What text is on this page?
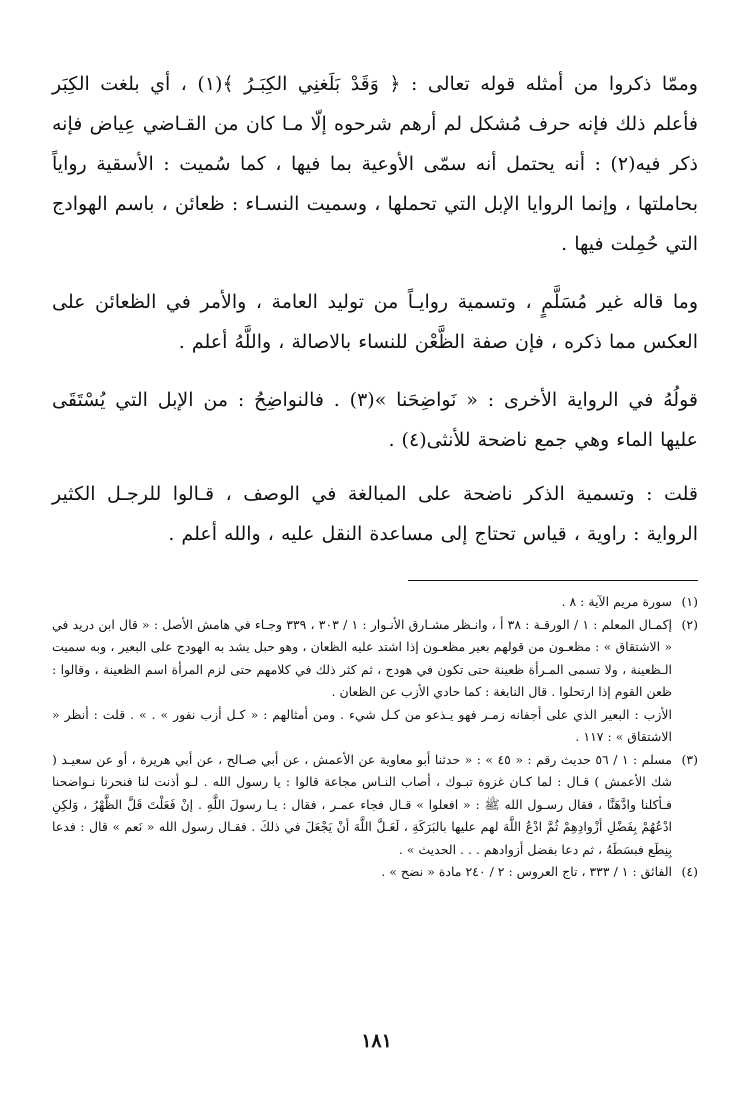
وممّا ذكروا من أمثله قوله تعالى : ﴿ وَقَدْ بَلَغنِي الكِبَـرُ ﴾(١) ، أي بلغت الكِبَر فأعلم ذلك فإنه حرف مُشكل لم أرهم شرحوه إلّا مـا كان من القـاضي عِياض فإنه ذكر فيه(٢) : أنه يحتمل أنه سمّى الأوعية بما فيها ، كما سُميت : الأسقية رواياً بحاملتها ، وإنما الروايا الإبل التي تحملها ، وسميت النسـاء : ظعائن ، باسم الهوادج التي حُمِلت فيها .

وما قاله غير مُسَلَّمٍ ، وتسمية روايـاً من توليد العامة ، والأمر في الظعائن على العكس مما ذكره ، فإن صفة الظَّعْن للنساء بالاصالة ، واللَّهُ أعلم .

قولُهُ في الرواية الأخرى : « نَواضِحَنا »(٣) . فالنواضِحُ : من الإبل التي يُسْتَقَى عليها الماء وهي جمع ناضحة للأنثى(٤) .

قلت : وتسمية الذكر ناضحة على المبالغة في الوصف ، قـالوا للرجـل الكثير الرواية : راوية ، قياس تحتاج إلى مساعدة النقل عليه ، والله أعلم .

(١)
سورة مريم الآية : ٨ .

(٢)
إكمـال المعلم : ١ / الورقـة : ٣٨ أ ، وانـظر مشـارق الأنـوار : ١ / ٣٠٣ ، ٣٣٩ وجـاء في هامش الأصل : « قال ابن دريد في « الاشتقاق » : مظعـون من قولهم بعير مظعـون إذا اشتد عليه الظعان ، وهو حبل يشد به الهودج على البعير ، وبه سميت الـظعينة ، ولا تسمى المـرأة ظعينة حتى تكون في هودج ، ثم كثر ذلك في كلامهم حتى لزم المرأة اسم الظعينة ، وقالوا : ظعن القوم إذا ارتحلوا . قال النابغة : كما حادي الأزب عن الظعان .
الأزب : البعير الذي على أجفانه زمـر فهو يـذعو من كـل شيء . ومن أمثالهم : « كـل أزب نفور » . » . قلت : أنظر « الاشتقاق » : ١١٧ .

(٣)
مسلم : ١ / ٥٦ حديث رقم : « ٤٥ » : « حدثنا أبو معاوية عن الأعمش ، عن أبي صـالح ، عن أبي هريرة ، أو عن سعيـد ( شك الأعمش ) قـال : لما كـان غزوة تبـوك ، أصاب النـاس مجاعة قالوا : يا رسول الله . لـو أذنت لنا فنحرنا نـواضحنا فـأكلنا وادَّهَنَّا ، فقال رسـول الله ﷺ : « افعلوا » قـال فجاء عمـر ، فقال : يـا رسولَ اللَّهِ . إنْ فَعَلْتَ قَلَّ الظَّهْرُ ، وَلكِنِ ادْعُهُمْ بِفَضْلِ أزْوادِهِمْ ثُمَّ ادْعُ اللَّهَ لهم عليها بالبَرَكَةِ ، لَعَـلَّ اللَّهَ أنْ يَجْعَلَ في ذلكَ . فقـال رسول الله « نَعم » قال : فدعا بِنِطَع فبسَطَهُ ، ثم دعا بفضل أزوادهم . . . الحديث » .

(٤)
الفائق : ١ / ٣٣٣ ، تاج العروس : ٢ / ٢٤٠ مادة « نضح » .

١٨١
